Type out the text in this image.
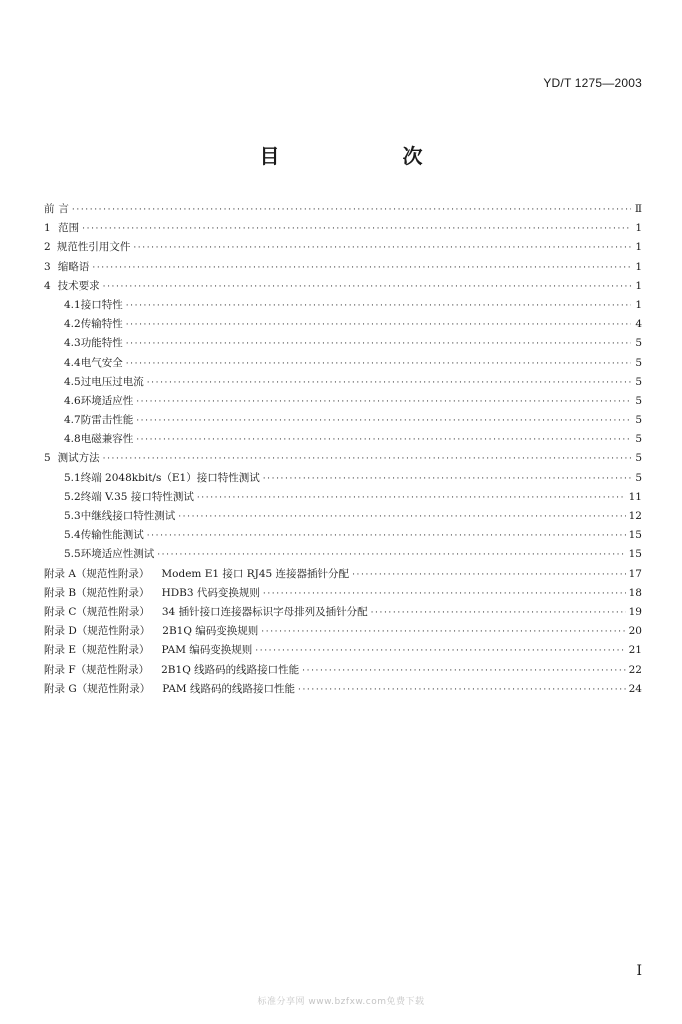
YD/T 1275—2003
目 次
前 言 ·····	Ⅱ
1 范围 ·····	1
2 规范性引用文件 ·····	1
3 缩略语 ·····	1
4 技术要求 ·····	1
4.1 接口特性 ·····	1
4.2 传输特性 ·····	4
4.3 功能特性 ·····	5
4.4 电气安全 ·····	5
4.5 过电压过电流 ·····	5
4.6 环境适应性 ·····	5
4.7 防雷击性能 ·····	5
4.8 电磁兼容性 ·····	5
5 测试方法 ·····	5
5.1 终端 2048kbit/s（E1）接口特性测试 ·····	5
5.2 终端 V.35 接口特性测试 ·····	11
5.3 中继线接口特性测试 ·····	12
5.4 传输性能测试 ·····	15
5.5 环境适应性测试 ·····	15
附录 A（规范性附录） Modem E1 接口 RJ45 连接器插针分配 ·····	17
附录 B（规范性附录） HDB3 代码变换规则 ·····	18
附录 C（规范性附录） 34 插针接口连接器标识字母排列及插针分配 ·····	19
附录 D（规范性附录） 2B1Q 编码变换规则 ·····	20
附录 E（规范性附录） PAM 编码变换规则 ·····	21
附录 F（规范性附录） 2B1Q 线路码的线路接口性能 ·····	22
附录 G（规范性附录） PAM 线路码的线路接口性能 ·····	24
I
标准分享网 www.bzfxw.com免费下载
